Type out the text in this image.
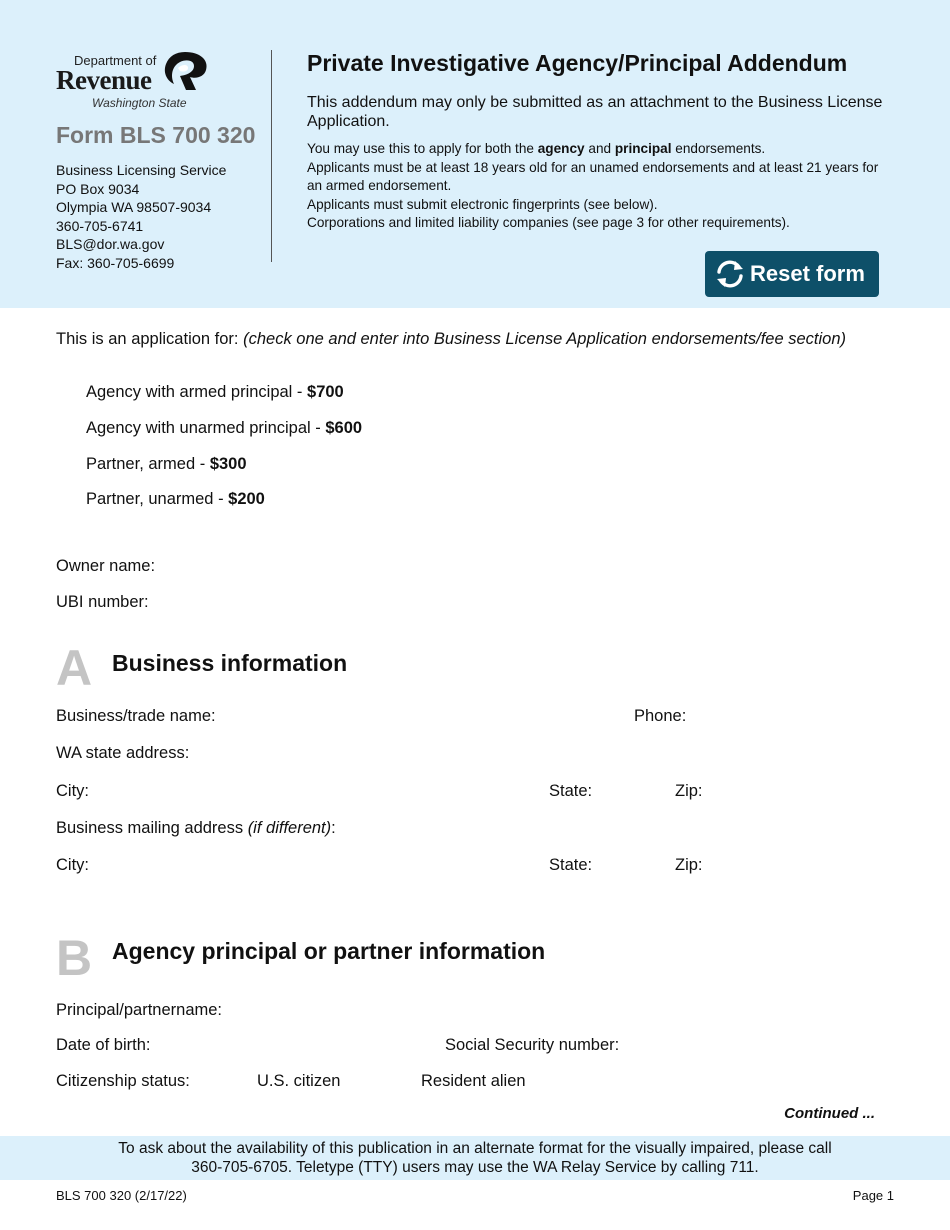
Department of
Revenue
Washington State
Form BLS 700 320
Business Licensing Service
PO Box 9034
Olympia WA 98507-9034
360-705-6741
BLS@dor.wa.gov
Fax: 360-705-6699
Private Investigative Agency/Principal Addendum
This addendum may only be submitted as an attachment to the Business License Application.
You may use this to apply for both the agency and principal endorsements.
Applicants must be at least 18 years old for an unamed endorsements and at least 21 years for an armed endorsement.
Applicants must submit electronic fingerprints (see below).
Corporations and limited liability companies (see page 3 for other requirements).
Reset form
This is an application for: (check one and enter into Business License Application endorsements/fee section)
Agency with armed principal - $700
Agency with unarmed principal - $600
Partner, armed - $300
Partner, unarmed - $200
Owner name:
UBI number:
A Business information
Business/trade name:	Phone:
WA state address:
City:	State:	Zip:
Business mailing address (if different):
City:	State:	Zip:
B Agency principal or partner information
Principal/partnername:
Date of birth:	Social Security number:
Citizenship status:	U.S. citizen	Resident alien
Continued ...
To ask about the availability of this publication in an alternate format for the visually impaired, please call
360-705-6705. Teletype (TTY) users may use the WA Relay Service by calling 711.
BLS 700 320 (2/17/22)	Page 1
